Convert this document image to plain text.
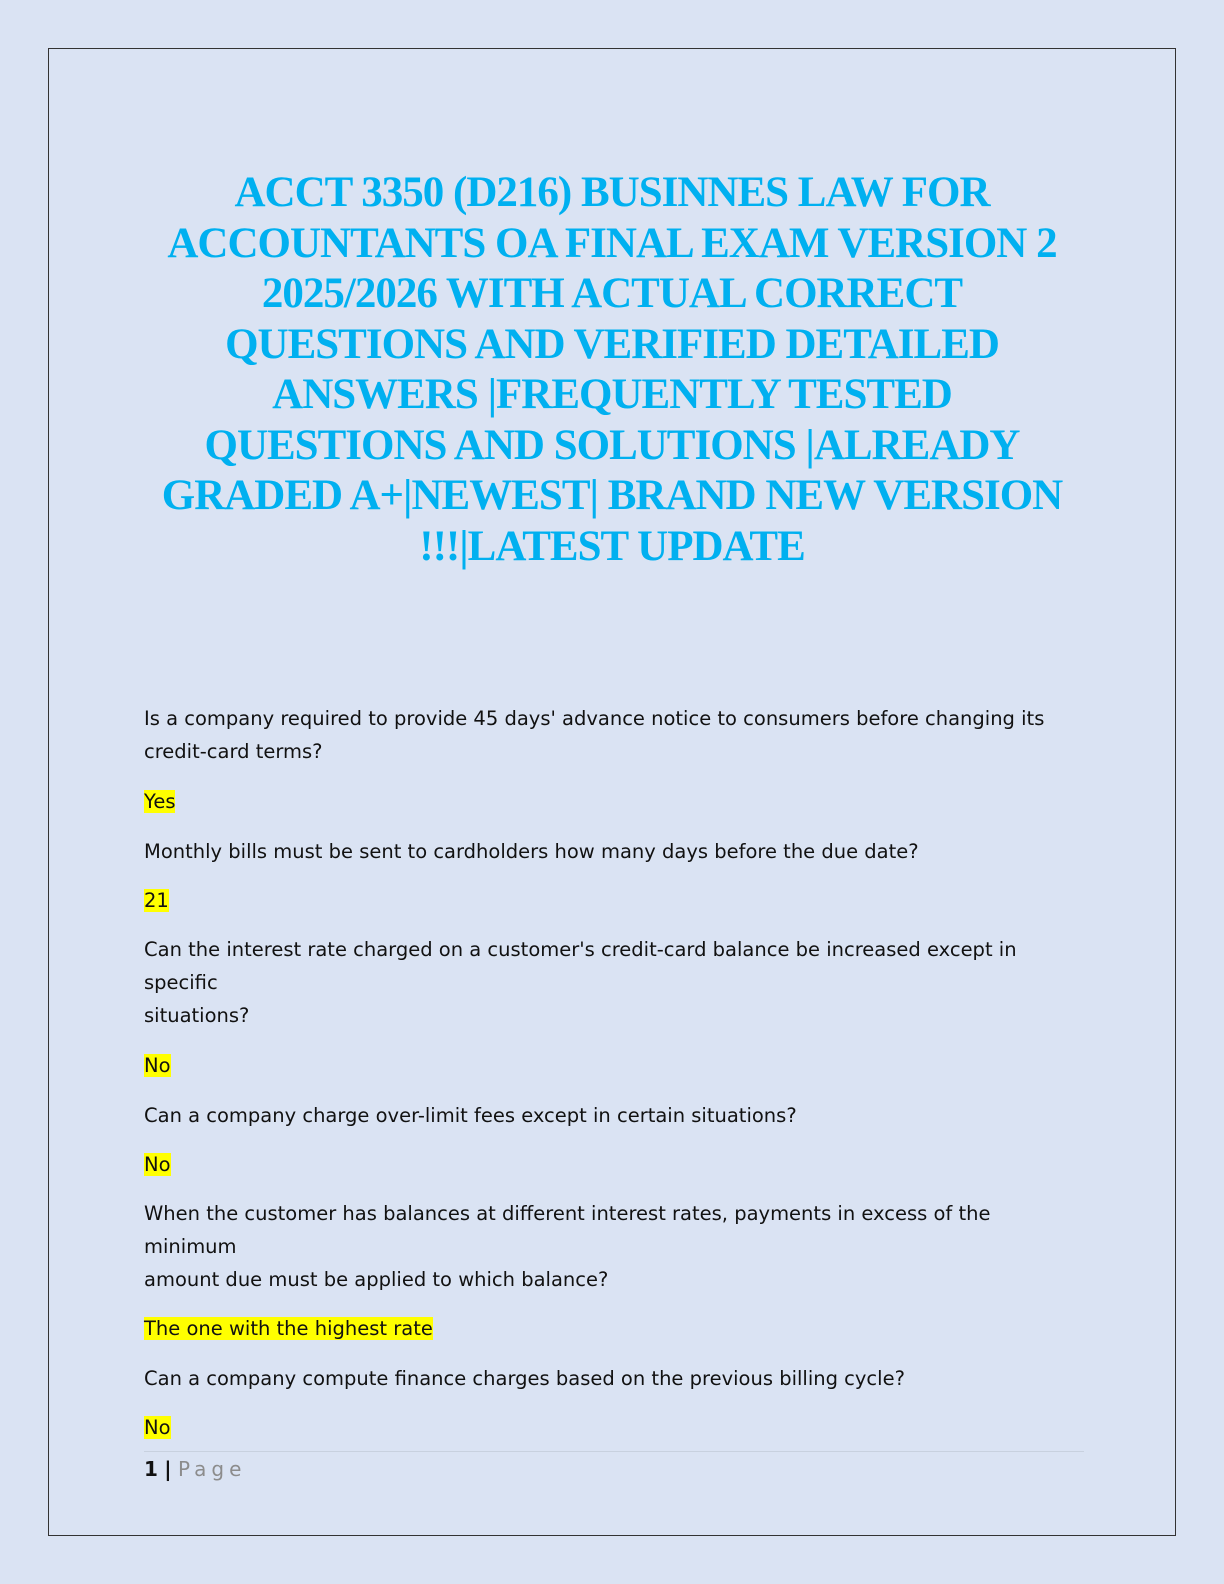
ACCT 3350 (D216) BUSINNES LAW FOR
ACCOUNTANTS OA FINAL EXAM VERSION 2
2025/2026 WITH ACTUAL CORRECT
QUESTIONS AND VERIFIED DETAILED
ANSWERS |FREQUENTLY TESTED
QUESTIONS AND SOLUTIONS |ALREADY
GRADED A+|NEWEST| BRAND NEW VERSION
!!!|LATEST UPDATE

Is a company required to provide 45 days' advance notice to consumers before changing its
credit-card terms?

Yes

Monthly bills must be sent to cardholders how many days before the due date?

21

Can the interest rate charged on a customer's credit-card balance be increased except in specific
situations?

No

Can a company charge over-limit fees except in certain situations?

No

When the customer has balances at different interest rates, payments in excess of the minimum
amount due must be applied to which balance?

The one with the highest rate

Can a company compute finance charges based on the previous billing cycle?

No

1 | Page
